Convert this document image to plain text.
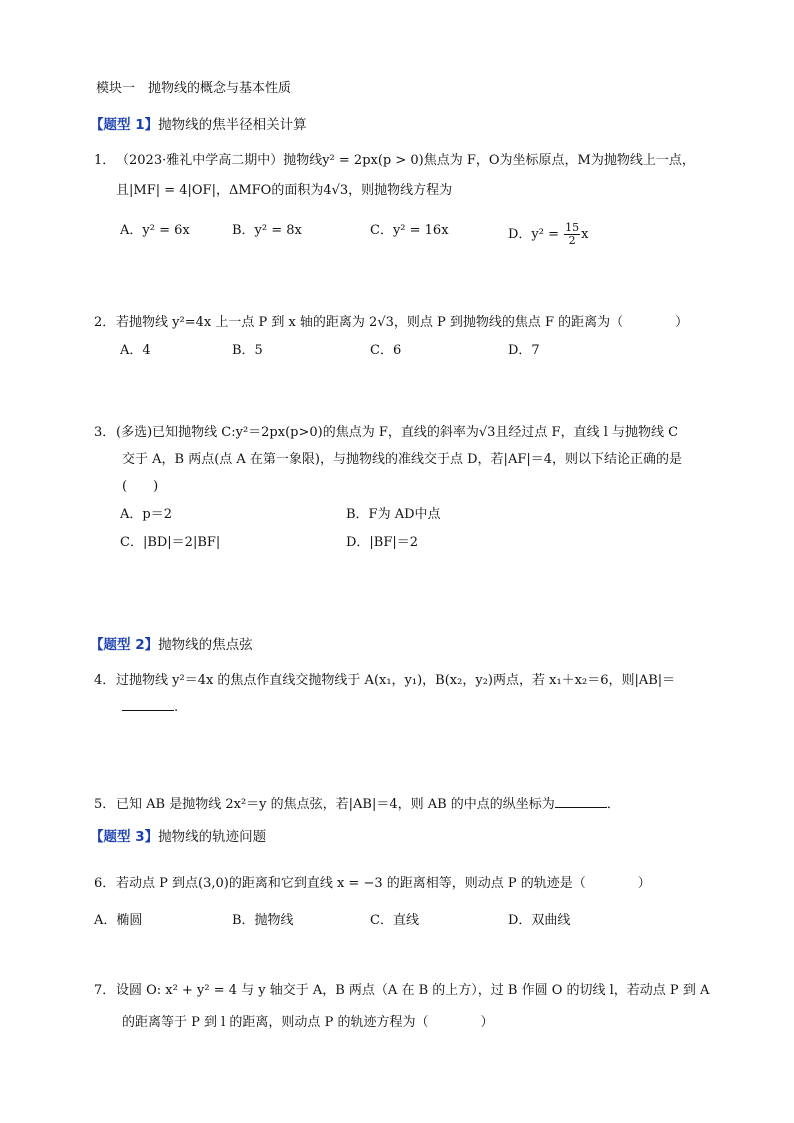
模块一　抛物线的概念与基本性质
【题型 1】抛物线的焦半径相关计算
1．（2023·雅礼中学高二期中）抛物线y² = 2px(p > 0)焦点为 F，O为坐标原点，M为抛物线上一点，
且|MF| = 4|OF|，ΔMFO的面积为4√3，则抛物线方程为
A．y² = 6x	B．y² = 8x	C．y² = 16x	D．$y^2 = \frac{15}{2}$ x
2．若抛物线 y²=4x 上一点 P 到 x 轴的距离为 2√3，则点 P 到抛物线的焦点 F 的距离为（　　　　）
A．4	B．5	C．6	D．7
3．(多选)已知抛物线 C:y²＝2px(p>0)的焦点为 F，直线的斜率为√3且经过点 F，直线 l 与抛物线 C
交于 A，B 两点(点 A 在第一象限)，与抛物线的准线交于点 D，若|AF|＝4，则以下结论正确的是
(　　)
A．p＝2	B．F为 AD中点
C．|BD|＝2|BF|	D．|BF|＝2
【题型 2】抛物线的焦点弦
4．过抛物线 y²＝4x 的焦点作直线交抛物线于 A(x₁，y₁)，B(x₂，y₂)两点，若 x₁＋x₂＝6，则|AB|＝
.
5．已知 AB 是抛物线 2x²＝y 的焦点弦，若|AB|＝4，则 AB 的中点的纵坐标为	．
【题型 3】抛物线的轨迹问题
6．若动点 P 到点(3,0)的距离和它到直线 x = −3 的距离相等，则动点 P 的轨迹是（　　　　）
A．椭圆	B．抛物线	C．直线	D．双曲线
7．设圆 O: x² + y² = 4 与 y 轴交于 A，B 两点（A 在 B 的上方），过 B 作圆 O 的切线 l，若动点 P 到 A
的距离等于 P 到 l 的距离，则动点 P 的轨迹方程为（　　　　）
